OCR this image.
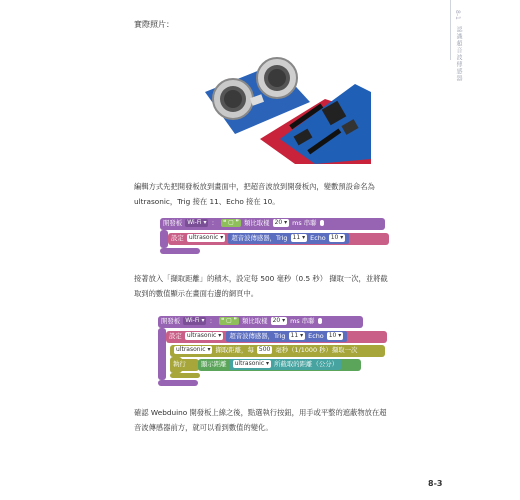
8-1
認識超音波傳感器
實際照片：
編輯方式先把開發板放到畫面中，把超音波放到開發板內，變數預設命名為
ultrasonic，Trig 接在 11、Echo 接在 10。
開發板 Wi-Fi ▾ ： ❝ ▢ ❞ 類比取樣 20 ▾ ms 串聯
設定 ultrasonic ▾ 超音波傳感器，Trig 11 ▾ Echo 10 ▾
接著放入「擷取距離」的積木，設定每 500 毫秒（0.5 秒） 擷取一次，並將截
取到的數值顯示在畫面右邊的網頁中。
開發板 Wi-Fi ▾ ： ❝ ▢ ❞ 類比取樣 20 ▾ ms 串聯
設定 ultrasonic ▾ 超音波傳感器，Trig 11 ▾ Echo 10 ▾
ultrasonic ▾ 擷取距離，每 500 毫秒（1/1000 秒）擷取一次
執行	顯示距離 ultrasonic ▾ 所截取的距離（公分）
確認 Webduino 開發板上線之後，點選執行按鈕，用手或平整的遮蔽物放在超
音波傳感器前方，就可以看到數值的變化。
8-3
